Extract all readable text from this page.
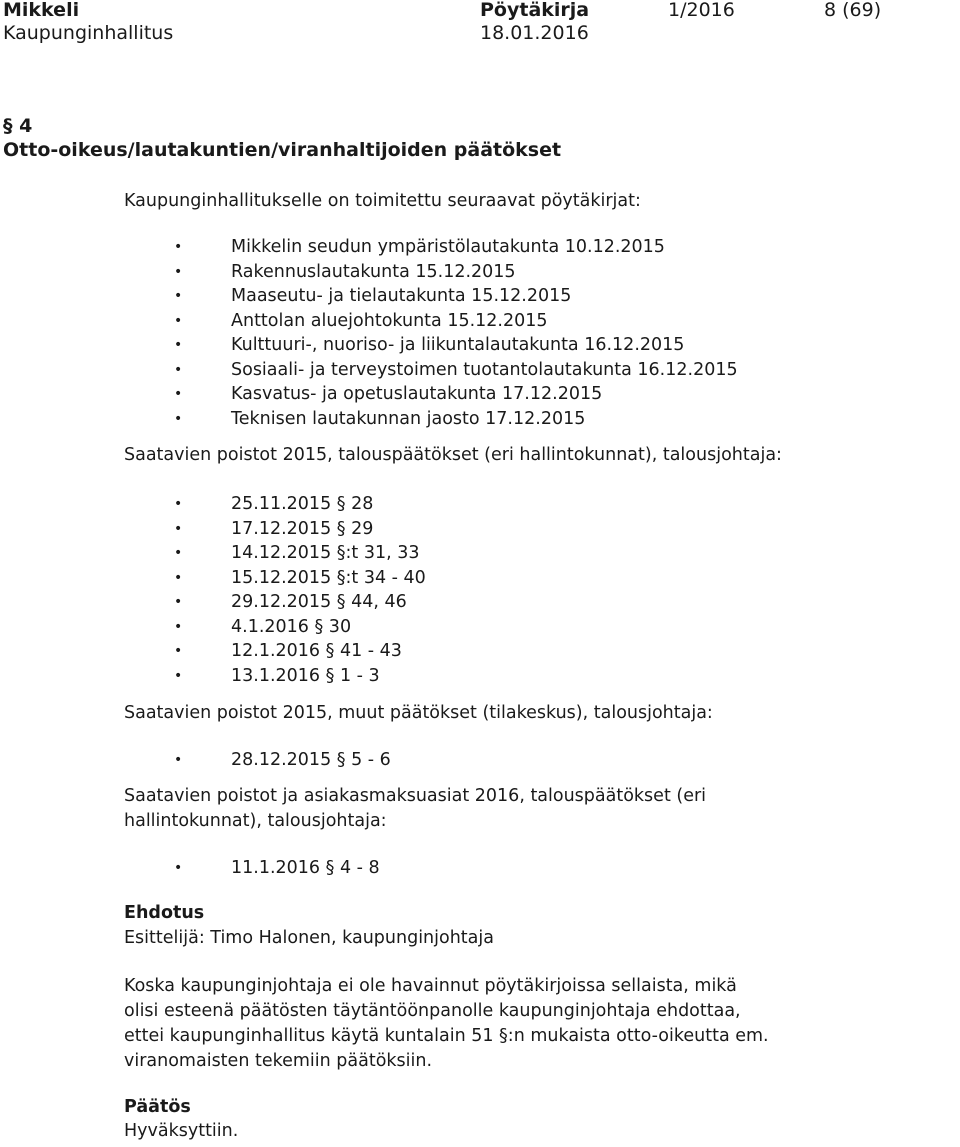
Mikkeli	Pöytäkirja	1/2016	8 (69)
Kaupunginhallitus	18.01.2016
§ 4
Otto-oikeus/lautakuntien/viranhaltijoiden päätökset
Kaupunginhallitukselle on toimitettu seuraavat pöytäkirjat:
•	Mikkelin seudun ympäristölautakunta 10.12.2015
•	Rakennuslautakunta 15.12.2015
•	Maaseutu- ja tielautakunta 15.12.2015
•	Anttolan aluejohtokunta 15.12.2015
•	Kulttuuri-, nuoriso- ja liikuntalautakunta 16.12.2015
•	Sosiaali- ja terveystoimen tuotantolautakunta 16.12.2015
•	Kasvatus- ja opetuslautakunta 17.12.2015
•	Teknisen lautakunnan jaosto 17.12.2015
Saatavien poistot 2015, talouspäätökset (eri hallintokunnat), talousjohtaja:
•	25.11.2015 § 28
•	17.12.2015 § 29
•	14.12.2015 §:t 31, 33
•	15.12.2015 §:t 34 - 40
•	29.12.2015 § 44, 46
•	4.1.2016 § 30
•	12.1.2016 § 41 - 43
•	13.1.2016 § 1 - 3
Saatavien poistot 2015, muut päätökset (tilakeskus), talousjohtaja:
•	28.12.2015 § 5 - 6
Saatavien poistot ja asiakasmaksuasiat 2016, talouspäätökset (eri
hallintokunnat), talousjohtaja:
•	11.1.2016 § 4 - 8
Ehdotus
Esittelijä: Timo Halonen, kaupunginjohtaja
Koska kaupunginjohtaja ei ole havainnut pöytäkirjoissa sellaista, mikä
olisi esteenä päätösten täytäntöönpanolle kaupunginjohtaja ehdottaa,
ettei kaupunginhallitus käytä kuntalain 51 §:n mukaista otto-oikeutta em.
viranomaisten tekemiin päätöksiin.
Päätös
Hyväksyttiin.
